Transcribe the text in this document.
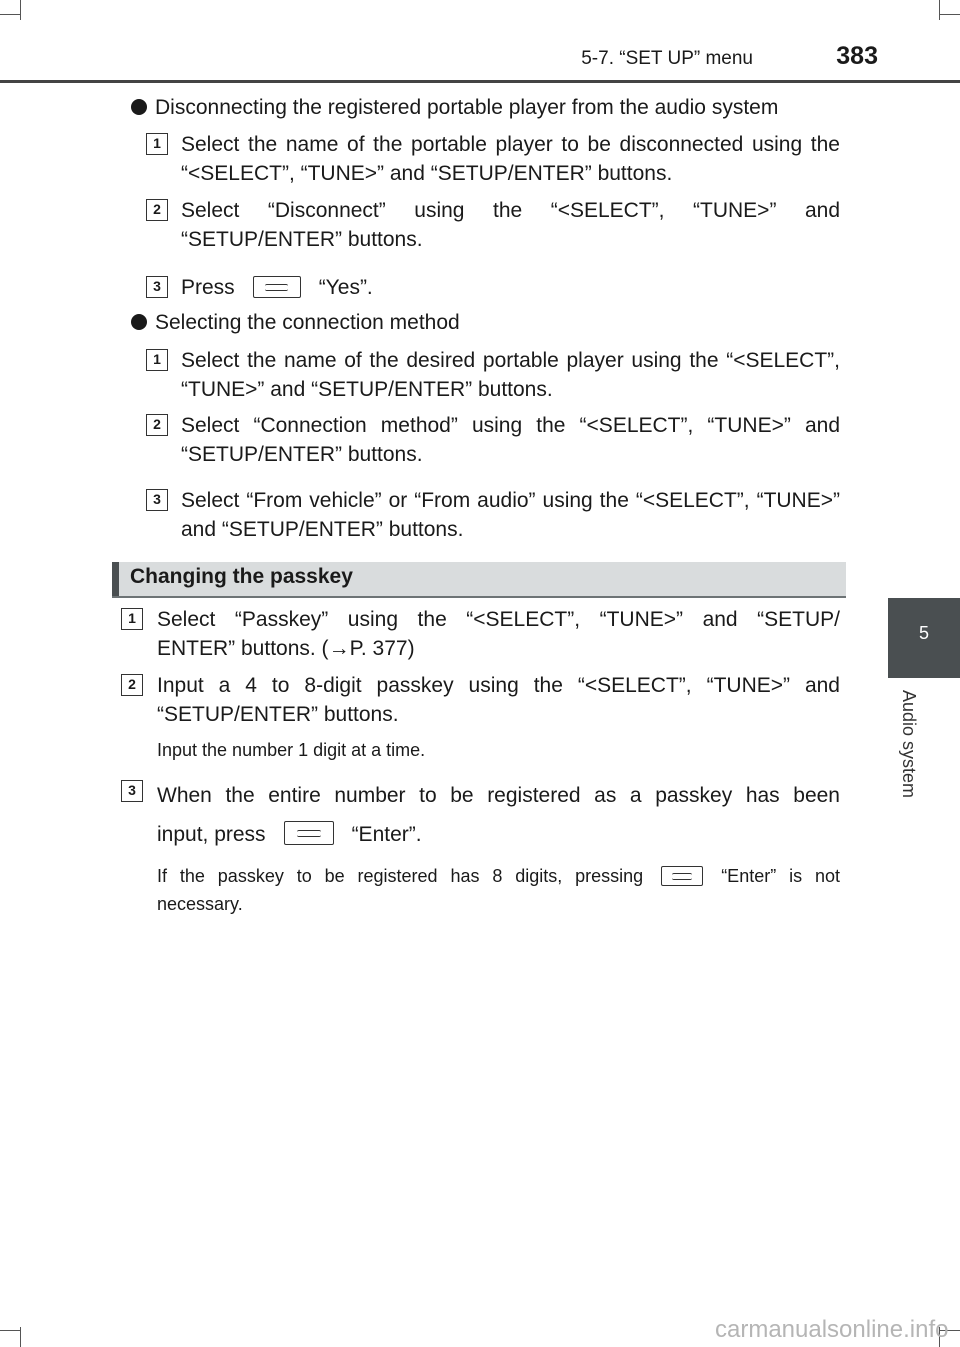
5-7. “SET UP” menu	383
5
Audio system
Disconnecting the registered portable player from the audio system
1 Select the name of the portable player to be disconnected using the “<SELECT”, “TUNE>” and “SETUP/ENTER” buttons.
2 Select “Disconnect” using the “<SELECT”, “TUNE>” and “SETUP/ENTER” buttons.
3 Press	“Yes”.
Selecting the connection method
1 Select the name of the desired portable player using the “<SELECT”, “TUNE>” and “SETUP/ENTER” buttons.
2 Select “Connection method” using the “<SELECT”, “TUNE>” and “SETUP/ENTER” buttons.
3 Select “From vehicle” or “From audio” using the “<SELECT”, “TUNE>” and “SETUP/ENTER” buttons.
Changing the passkey
1	Select “Passkey” using the “<SELECT”, “TUNE>” and “SETUP/
ENTER” buttons. (→P. 377)
2	Input a 4 to 8-digit passkey using the “<SELECT”, “TUNE>” and “SETUP/ENTER” buttons.
Input the number 1 digit at a time.
3	When the entire number to be registered as a passkey has been
input, press	“Enter”.
If the passkey to be registered has 8 digits, pressing	“Enter” is not
necessary.
carmanualsonline.info
